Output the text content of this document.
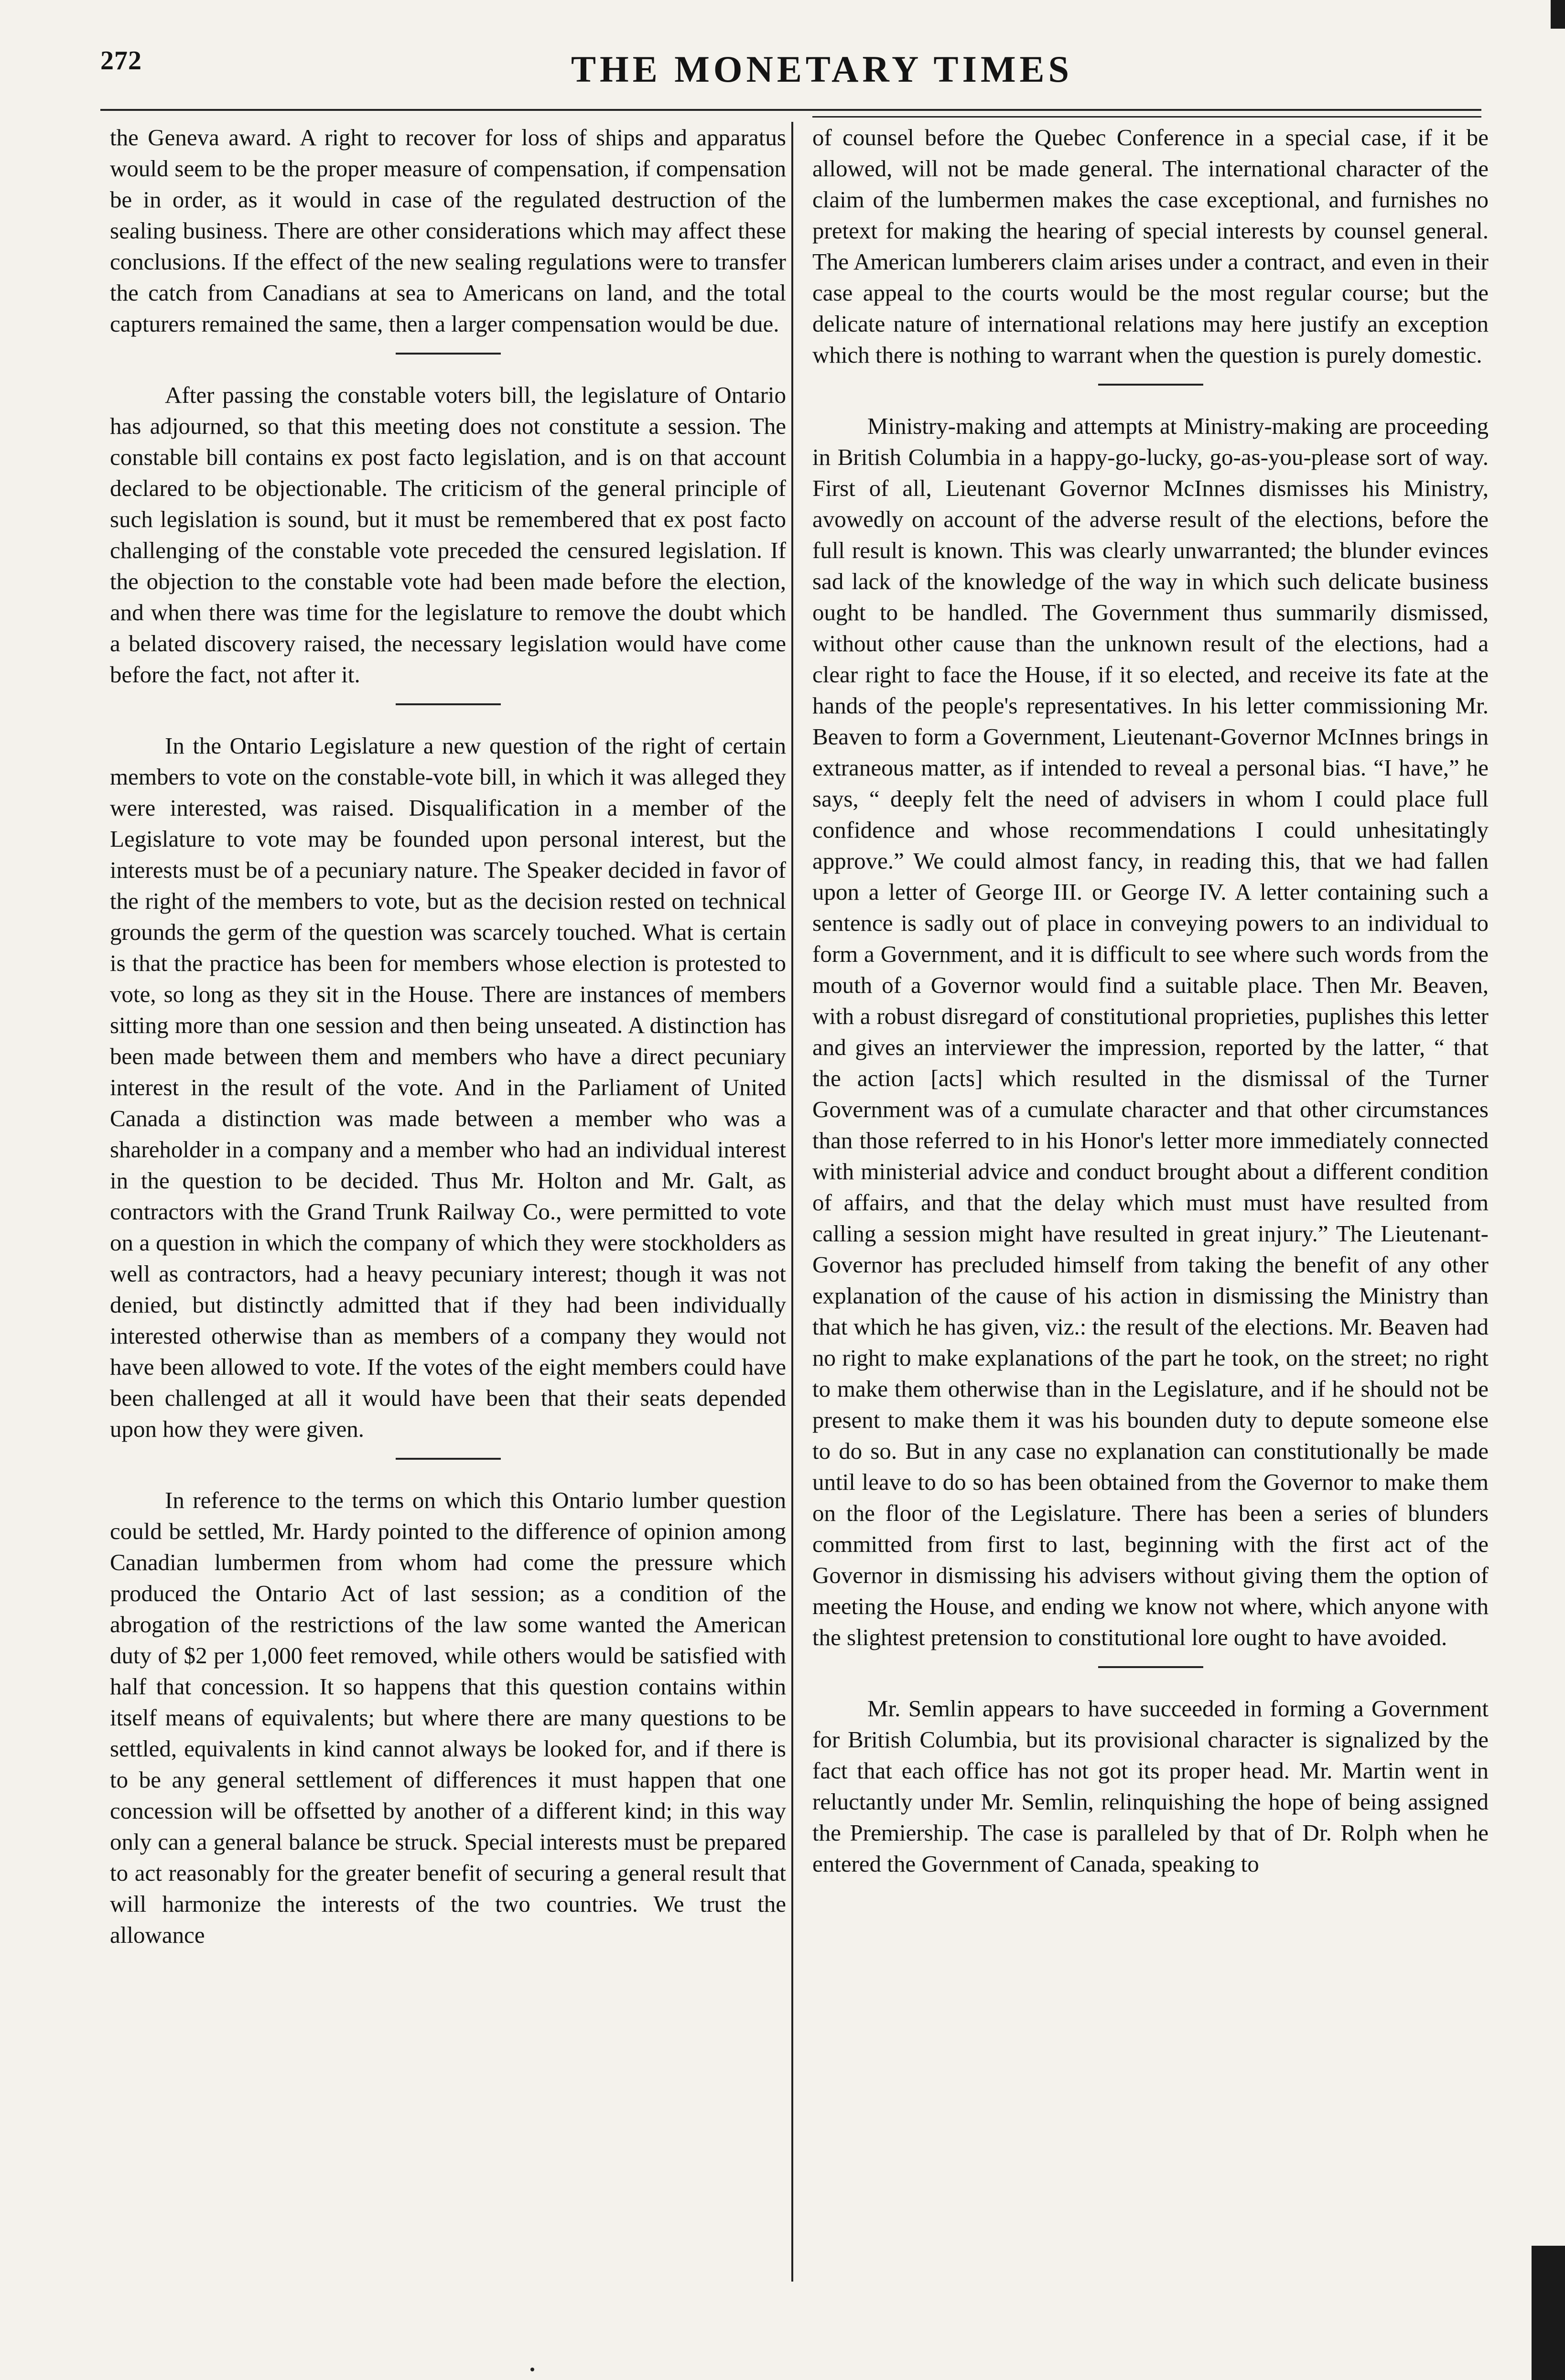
272	THE MONETARY TIMES

the Geneva award. A right to recover for loss of ships and apparatus would seem to be the proper measure of compensation, if compensation be in order, as it would in case of the regulated destruction of the sealing business. There are other considerations which may affect these conclusions. If the effect of the new sealing regulations were to transfer the catch from Canadians at sea to Americans on land, and the total capturers remained the same, then a larger compensation would be due.

After passing the constable voters bill, the legislature of Ontario has adjourned, so that this meeting does not constitute a session. The constable bill contains ex post facto legislation, and is on that account declared to be objectionable. The criticism of the general principle of such legislation is sound, but it must be remembered that ex post facto challenging of the constable vote preceded the censured legislation. If the objection to the constable vote had been made before the election, and when there was time for the legislature to remove the doubt which a belated discovery raised, the necessary legislation would have come before the fact, not after it.

In the Ontario Legislature a new question of the right of certain members to vote on the constable-vote bill, in which it was alleged they were interested, was raised. Disqualification in a member of the Legislature to vote may be founded upon personal interest, but the interests must be of a pecuniary nature. The Speaker decided in favor of the right of the members to vote, but as the decision rested on technical grounds the germ of the question was scarcely touched. What is certain is that the practice has been for members whose election is protested to vote, so long as they sit in the House. There are instances of members sitting more than one session and then being unseated. A distinction has been made between them and members who have a direct pecuniary interest in the result of the vote. And in the Parliament of United Canada a distinction was made between a member who was a shareholder in a company and a member who had an individual interest in the question to be decided. Thus Mr. Holton and Mr. Galt, as contractors with the Grand Trunk Railway Co., were permitted to vote on a question in which the company of which they were stockholders as well as contractors, had a heavy pecuniary interest; though it was not denied, but distinctly admitted that if they had been individually interested otherwise than as members of a company they would not have been allowed to vote. If the votes of the eight members could have been challenged at all it would have been that their seats depended upon how they were given.

In reference to the terms on which this Ontario lumber question could be settled, Mr. Hardy pointed to the difference of opinion among Canadian lumbermen from whom had come the pressure which produced the Ontario Act of last session; as a condition of the abrogation of the restrictions of the law some wanted the American duty of $2 per 1,000 feet removed, while others would be satisfied with half that concession. It so happens that this question contains within itself means of equivalents; but where there are many questions to be settled, equivalents in kind cannot always be looked for, and if there is to be any general settlement of differences it must happen that one concession will be offsetted by another of a different kind; in this way only can a general balance be struck. Special interests must be prepared to act reasonably for the greater benefit of securing a general result that will harmonize the interests of the two countries. We trust the allowance

of counsel before the Quebec Conference in a special case, if it be allowed, will not be made general. The international character of the claim of the lumbermen makes the case exceptional, and furnishes no pretext for making the hearing of special interests by counsel general. The American lumberers claim arises under a contract, and even in their case appeal to the courts would be the most regular course; but the delicate nature of international relations may here justify an exception which there is nothing to warrant when the question is purely domestic.

Ministry-making and attempts at Ministry-making are proceeding in British Columbia in a happy-go-lucky, go-as-you-please sort of way. First of all, Lieutenant Governor McInnes dismisses his Ministry, avowedly on account of the adverse result of the elections, before the full result is known. This was clearly unwarranted; the blunder evinces sad lack of the knowledge of the way in which such delicate business ought to be handled. The Government thus summarily dismissed, without other cause than the unknown result of the elections, had a clear right to face the House, if it so elected, and receive its fate at the hands of the people's representatives. In his letter commissioning Mr. Beaven to form a Government, Lieutenant-Governor McInnes brings in extraneous matter, as if intended to reveal a personal bias. “I have,” he says, “ deeply felt the need of advisers in whom I could place full confidence and whose recommendations I could unhesitatingly approve.” We could almost fancy, in reading this, that we had fallen upon a letter of George III. or George IV. A letter containing such a sentence is sadly out of place in conveying powers to an individual to form a Government, and it is difficult to see where such words from the mouth of a Governor would find a suitable place. Then Mr. Beaven, with a robust disregard of constitutional proprieties, puplishes this letter and gives an interviewer the impression, reported by the latter, “ that the action [acts] which resulted in the dismissal of the Turner Government was of a cumulate character and that other circumstances than those referred to in his Honor's letter more immediately connected with ministerial advice and conduct brought about a different condition of affairs, and that the delay which must must have resulted from calling a session might have resulted in great injury.” The Lieutenant-Governor has precluded himself from taking the benefit of any other explanation of the cause of his action in dismissing the Ministry than that which he has given, viz.: the result of the elections. Mr. Beaven had no right to make explanations of the part he took, on the street; no right to make them otherwise than in the Legislature, and if he should not be present to make them it was his bounden duty to depute someone else to do so. But in any case no explanation can constitutionally be made until leave to do so has been obtained from the Governor to make them on the floor of the Legislature. There has been a series of blunders committed from first to last, beginning with the first act of the Governor in dismissing his advisers without giving them the option of meeting the House, and ending we know not where, which anyone with the slightest pretension to constitutional lore ought to have avoided.

Mr. Semlin appears to have succeeded in forming a Government for British Columbia, but its provisional character is signalized by the fact that each office has not got its proper head. Mr. Martin went in reluctantly under Mr. Semlin, relinquishing the hope of being assigned the Premiership. The case is paralleled by that of Dr. Rolph when he entered the Government of Canada, speaking to
